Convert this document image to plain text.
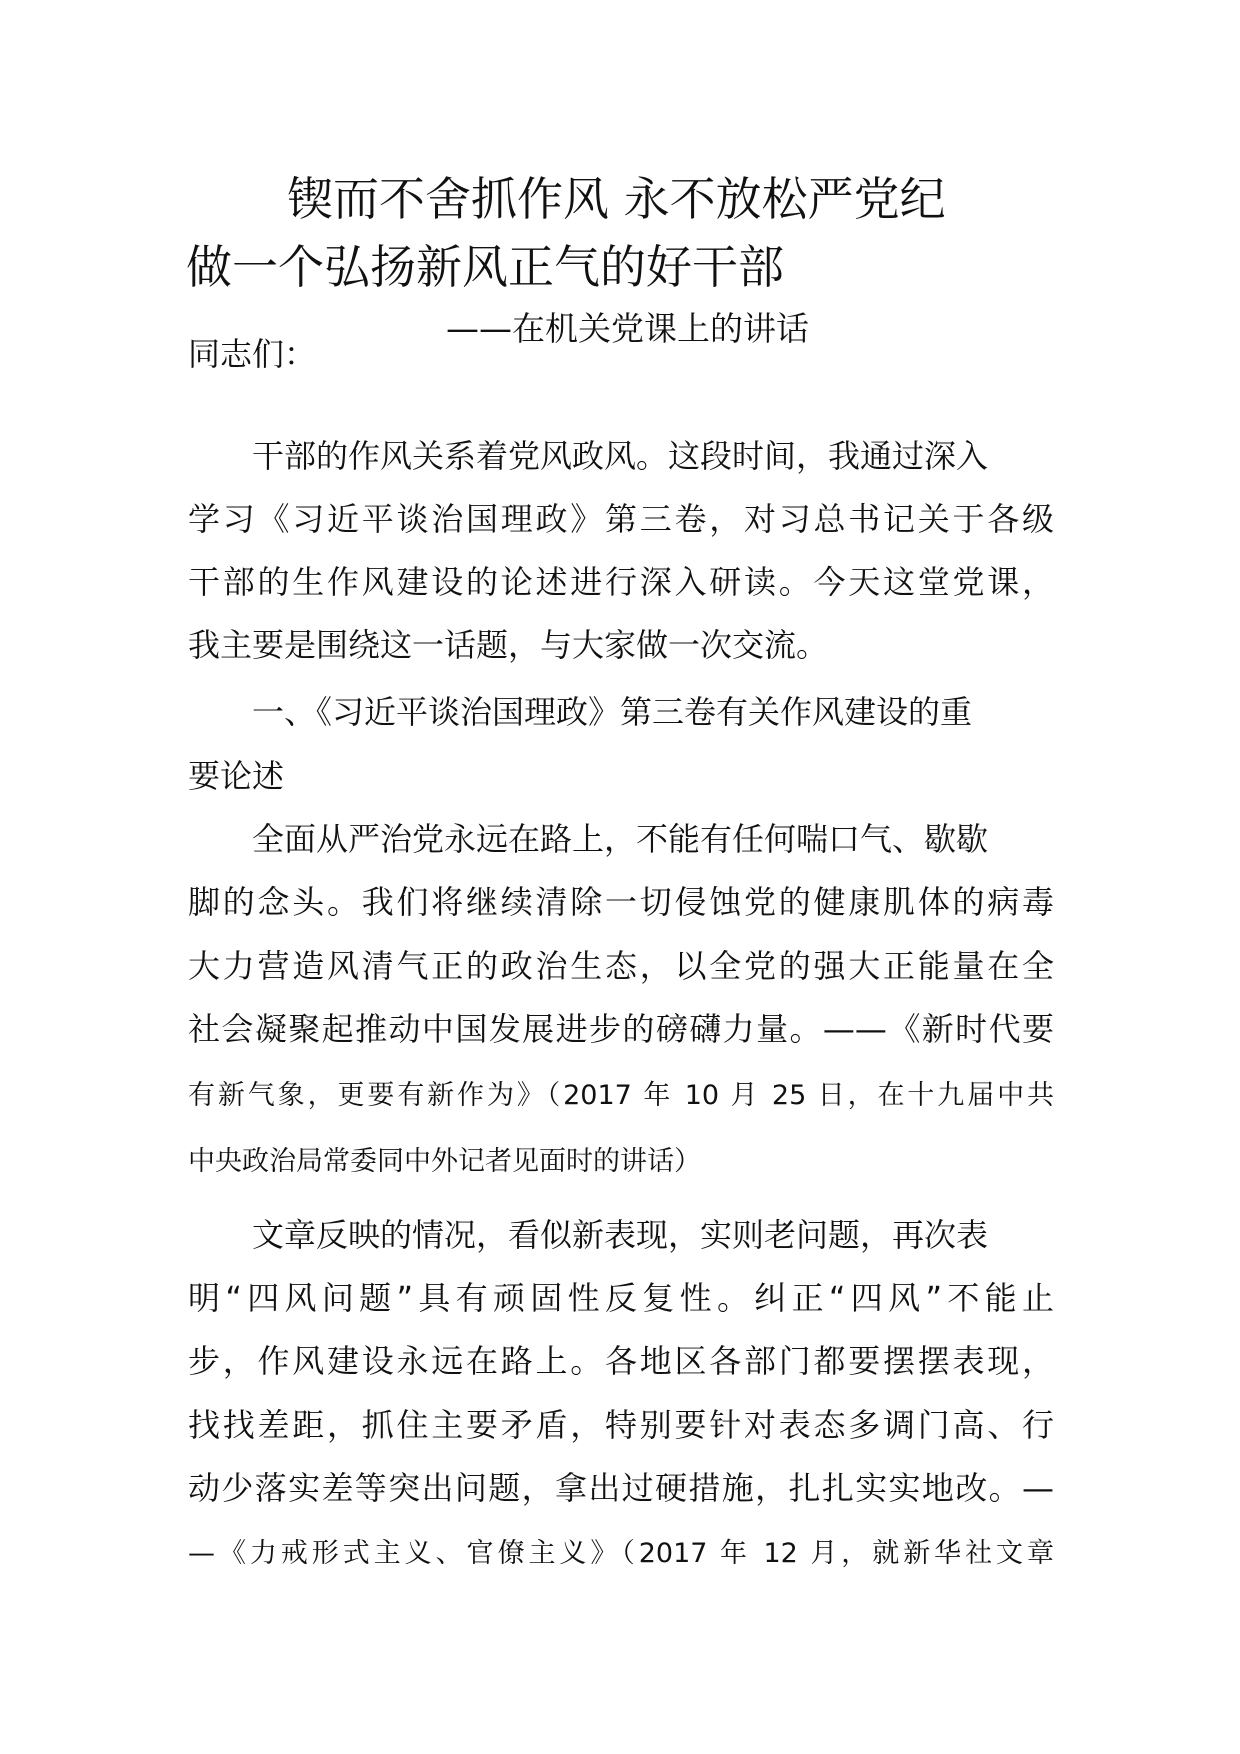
锲而不舍抓作风 永不放松严党纪
做一个弘扬新风正气的好干部
——在机关党课上的讲话
同志们：
干部的作风关系着党风政风。这段时间，我通过深入
学习《习近平谈治国理政》第三卷，对习总书记关于各级
干部的生作风建设的论述进行深入研读。今天这堂党课，
我主要是围绕这一话题，与大家做一次交流。
一、《习近平谈治国理政》第三卷有关作风建设的重
要论述
全面从严治党永远在路上，不能有任何喘口气、歇歇
脚的念头。我们将继续清除一切侵蚀党的健康肌体的病毒
大力营造风清气正的政治生态，以全党的强大正能量在全
社会凝聚起推动中国发展进步的磅礴力量。——《新时代要
有新气象，更要有新作为》（2017 年 10 月 25 日，在十九届中共
中央政治局常委同中外记者见面时的讲话）
文章反映的情况，看似新表现，实则老问题，再次表
明“四风问题”具有顽固性反复性。纠正“四风”不能止
步，作风建设永远在路上。各地区各部门都要摆摆表现，
找找差距，抓住主要矛盾，特别要针对表态多调门高、行
动少落实差等突出问题，拿出过硬措施，扎扎实实地改。—
—《力戒形式主义、官僚主义》（2017 年 12 月，就新华社文章
